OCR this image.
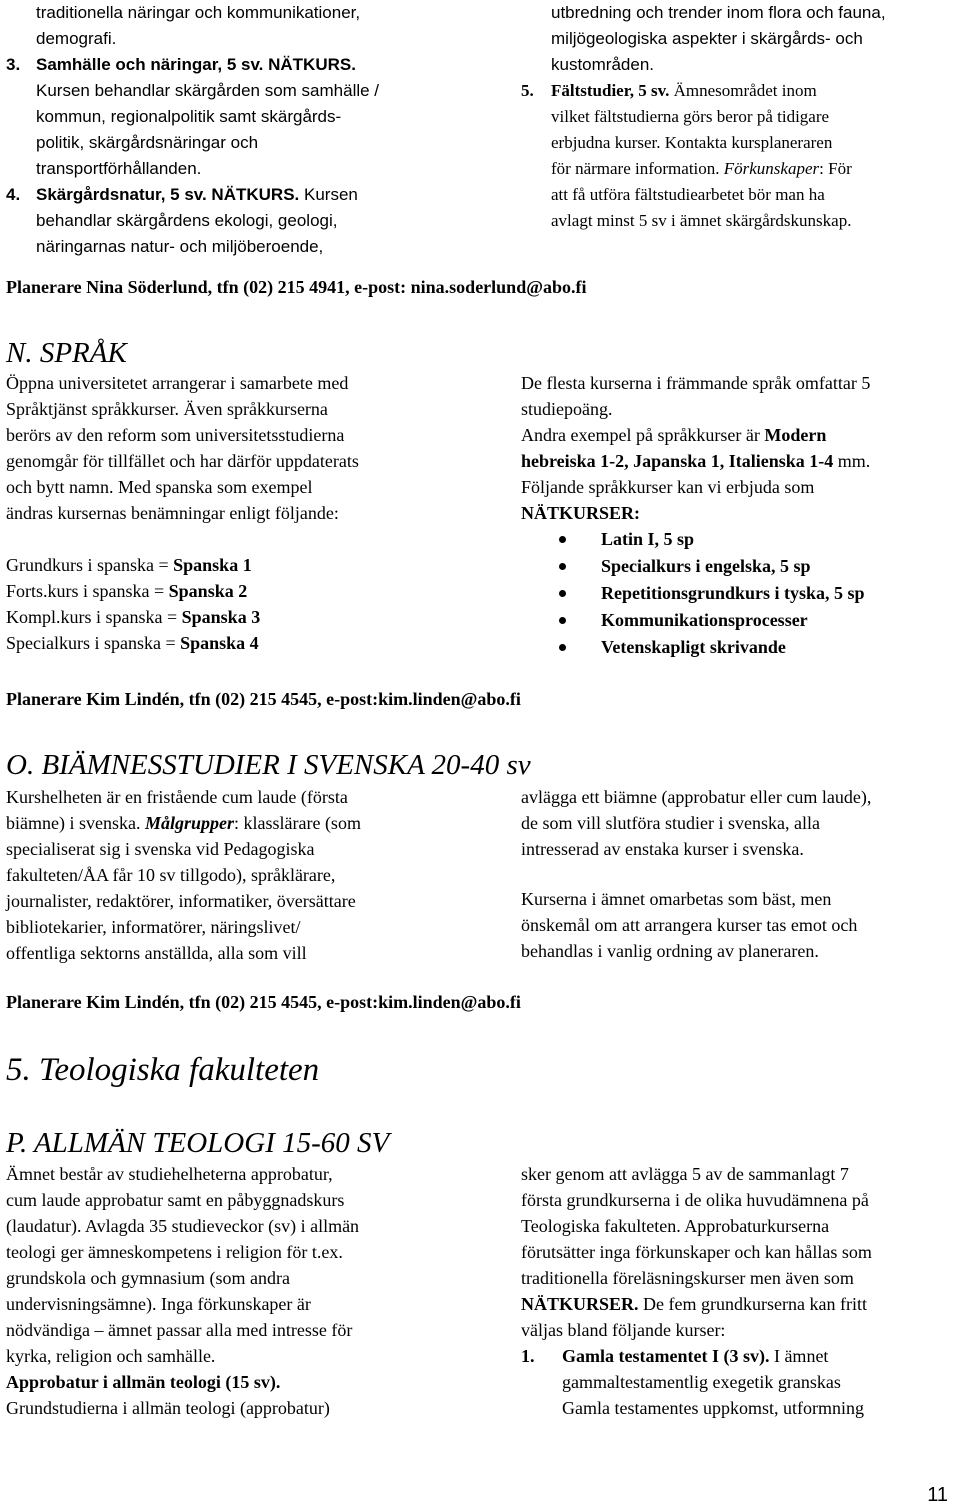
traditionella näringar och kommunikationer,
demografi.
3. Samhälle och näringar, 5 sv. NÄTKURS.
Kursen behandlar skärgården som samhälle /
kommun, regionalpolitik samt skärgårds-
politik, skärgårdsnäringar och
transportförhållanden.
4. Skärgårdsnatur, 5 sv. NÄTKURS. Kursen
behandlar skärgårdens ekologi, geologi,
näringarnas natur- och miljöberoende,
utbredning och trender inom flora och fauna,
miljögeologiska aspekter i skärgårds- och
kustområden.
5. Fältstudier, 5 sv. Ämnesområdet inom
vilket fältstudierna görs beror på tidigare
erbjudna kurser. Kontakta kursplaneraren
för närmare information. Förkunskaper: För
att få utföra fältstudiearbetet bör man ha
avlagt minst 5 sv i ämnet skärgårdskunskap.
Planerare Nina Söderlund, tfn (02) 215 4941, e-post: nina.soderlund@abo.fi
N. SPRÅK
Öppna universitetet arrangerar i samarbete med
Språktjänst språkkurser. Även språkkurserna
berörs av den reform som universitetsstudierna
genomgår för tillfället och har därför uppdaterats
och bytt namn. Med spanska som exempel
ändras kursernas benämningar enligt följande:
Grundkurs i spanska = Spanska 1
Forts.kurs i spanska = Spanska 2
Kompl.kurs i spanska = Spanska 3
Specialkurs i spanska = Spanska 4
De flesta kurserna i främmande språk omfattar 5
studiepoäng.
Andra exempel på språkkurser är Modern
hebreiska 1-2, Japanska 1, Italienska 1-4 mm.
Följande språkkurser kan vi erbjuda som
NÄTKURSER:
Latin I, 5 sp
Specialkurs i engelska, 5 sp
Repetitionsgrundkurs i tyska, 5 sp
Kommunikationsprocesser
Vetenskapligt skrivande
Planerare Kim Lindén, tfn (02) 215 4545, e-post:kim.linden@abo.fi
O. BIÄMNESSTUDIER I SVENSKA 20-40 sv
Kurshelheten är en fristående cum laude (första
biämne) i svenska. Målgrupper: klasslärare (som
specialiserat sig i svenska vid Pedagogiska
fakulteten/ÅA får 10 sv tillgodo), språklärare,
journalister, redaktörer, informatiker, översättare
bibliotekarier, informatörer, näringslivet/
offentliga sektorns anställda, alla som vill
avlägga ett biämne (approbatur eller cum laude),
de som vill slutföra studier i svenska, alla
intresserad av enstaka kurser i svenska.
Kurserna i ämnet omarbetas som bäst, men
önskemål om att arrangera kurser tas emot och
behandlas i vanlig ordning av planeraren.
Planerare Kim Lindén, tfn (02) 215 4545, e-post:kim.linden@abo.fi
5. Teologiska fakulteten
P. ALLMÄN TEOLOGI 15-60 SV
Ämnet består av studiehelheterna approbatur,
cum laude approbatur samt en påbyggnadskurs
(laudatur). Avlagda 35 studieveckor (sv) i allmän
teologi ger ämneskompetens i religion för t.ex.
grundskola och gymnasium (som andra
undervisningsämne). Inga förkunskaper är
nödvändiga – ämnet passar alla med intresse för
kyrka, religion och samhälle.
Approbatur i allmän teologi (15 sv).
Grundstudierna i allmän teologi (approbatur)
sker genom att avlägga 5 av de sammanlagt 7
första grundkurserna i de olika huvudämnena på
Teologiska fakulteten. Approbaturkurserna
förutsätter inga förkunskaper och kan hållas som
traditionella föreläsningskurser men även som
NÄTKURSER. De fem grundkurserna kan fritt
väljas bland följande kurser:
1. Gamla testamentet I (3 sv). I ämnet
gammaltestamentlig exegetik granskas
Gamla testamentes uppkomst, utformning
11
